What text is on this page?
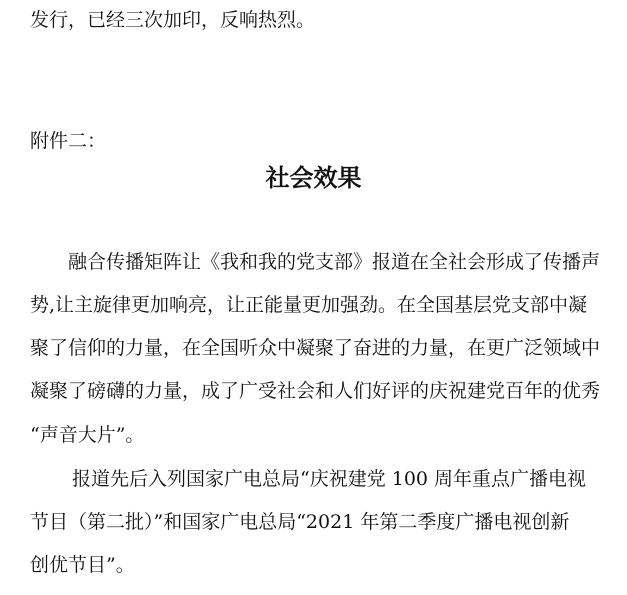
发行，已经三次加印，反响热烈。
附件二：
社会效果
融合传播矩阵让《我和我的党支部》报道在全社会形成了传播声
势,让主旋律更加响亮，让正能量更加强劲。在全国基层党支部中凝
聚了信仰的力量，在全国听众中凝聚了奋进的力量，在更广泛领域中
凝聚了磅礴的力量，成了广受社会和人们好评的庆祝建党百年的优秀
“声音大片”。
报道先后入列国家广电总局“庆祝建党 100 周年重点广播电视
节目（第二批）”和国家广电总局“2021 年第二季度广播电视创新
创优节目”。
